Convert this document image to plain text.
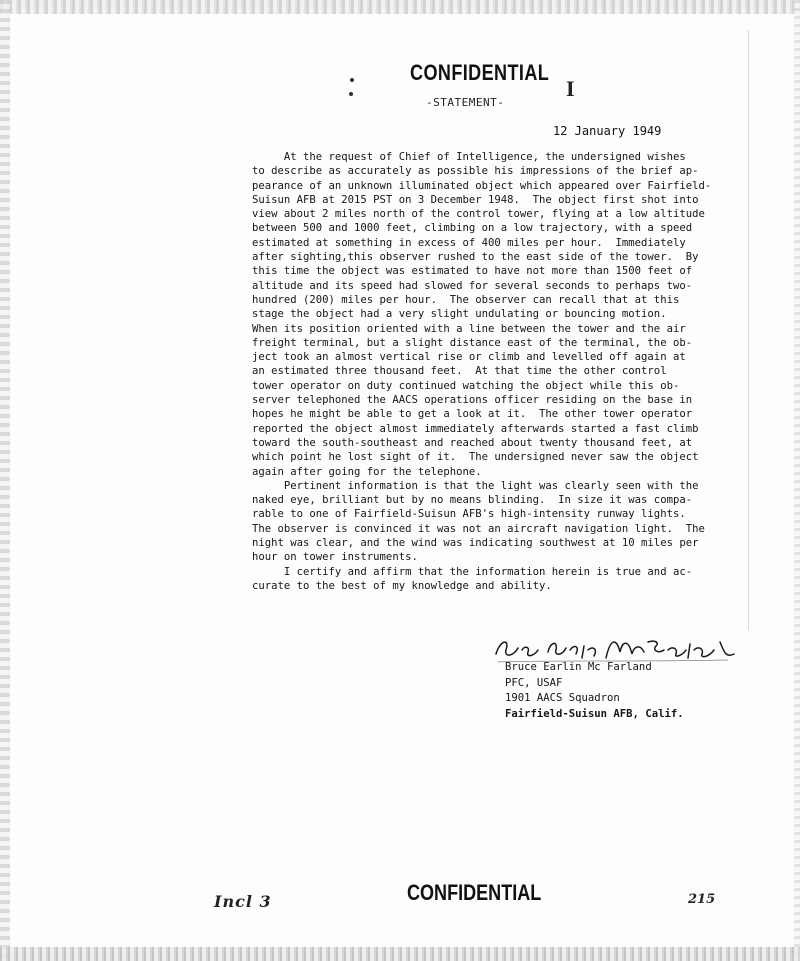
CONFIDENTIAL
I
-STATEMENT-
12 January 1949
At the request of Chief of Intelligence, the undersigned wishes
to describe as accurately as possible his impressions of the brief ap-
pearance of an unknown illuminated object which appeared over Fairfield-
Suisun AFB at 2015 PST on 3 December 1948.  The object first shot into
view about 2 miles north of the control tower, flying at a low altitude
between 500 and 1000 feet, climbing on a low trajectory, with a speed
estimated at something in excess of 400 miles per hour.  Immediately
after sighting,this observer rushed to the east side of the tower.  By
this time the object was estimated to have not more than 1500 feet of
altitude and its speed had slowed for several seconds to perhaps two-
hundred (200) miles per hour.  The observer can recall that at this
stage the object had a very slight undulating or bouncing motion.
When its position oriented with a line between the tower and the air
freight terminal, but a slight distance east of the terminal, the ob-
ject took an almost vertical rise or climb and levelled off again at
an estimated three thousand feet.  At that time the other control
tower operator on duty continued watching the object while this ob-
server telephoned the AACS operations officer residing on the base in
hopes he might be able to get a look at it.  The other tower operator
reported the object almost immediately afterwards started a fast climb
toward the south-southeast and reached about twenty thousand feet, at
which point he lost sight of it.  The undersigned never saw the object
again after going for the telephone.
Pertinent information is that the light was clearly seen with the
naked eye, brilliant but by no means blinding.  In size it was compa-
rable to one of Fairfield-Suisun AFB's high-intensity runway lights.
The observer is convinced it was not an aircraft navigation light.  The
night was clear, and the wind was indicating southwest at 10 miles per
hour on tower instruments.
I certify and affirm that the information herein is true and ac-
curate to the best of my knowledge and ability.
Bruce Earlin Mc Farland
PFC, USAF
1901 AACS Squadron
Fairfield-Suisun AFB, Calif.
Incl 3	CONFIDENTIAL	215
